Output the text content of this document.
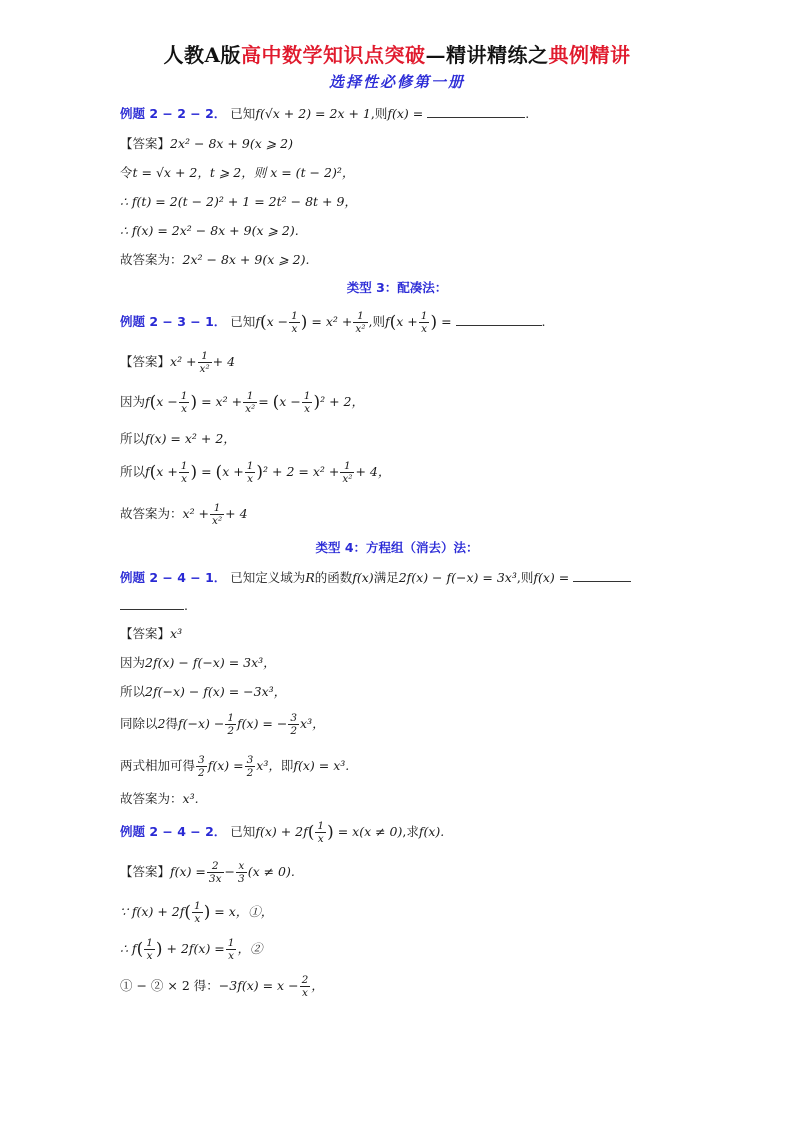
人教A版高中数学知识点突破—精讲精练之典例精讲
选择性必修第一册
例题 2 − 2 − 2． 已知f(√x + 2) = 2x + 1,则f(x) =	.
【答案】2x² − 8x + 9(x ⩾ 2)
令t = √x + 2，t ⩾ 2，则 x = (t − 2)²，
∴ f(t) = 2(t − 2)² + 1 = 2t² − 8t + 9，
∴ f(x) = 2x² − 8x + 9(x ⩾ 2).
故答案为：2x² − 8x + 9(x ⩾ 2).
类型 3：配凑法：
例题 2 − 3 − 1． 已知$f(x - \frac{1}{x}$ ) = $x^2 + \frac{1}{\text{x²}}$ ,则$f(x + \frac{1}{x}$ ) =	.
【答案】$x^2 + \frac{1}{\text{x²}} + 4$
因为$f(x - \frac{1}{x}$ ) = $x^2 + \frac{1}{\text{x²}} = (x - \frac{1}{x} )^2 + 2$，
所以f(x) = x² + 2，
所以$f(x + \frac{1}{x}$ ) = $(x + \frac{1}{x} )^2 + 2 = x^2 + \frac{1}{\text{x²}} + 4$，
故答案为：$x^2 + \frac{1}{\text{x²}} + 4$
类型 4：方程组（消去）法：
例题 2 − 4 − 1． 已知定义域为R的函数f(x)满足2f(x) − f(−x) = 3x³,则f(x) =
.
【答案】x³
因为2f(x) − f(−x) = 3x³，
所以2f(−x) − f(x) = −3x³，
同除以2得$f(-x) - \frac{1}{2} f(x)$ = − $\frac{3}{2} x^3$，
两式相加可得 $\frac{3}{2} f(x) = \frac{3}{2} x^3$，即f(x) = x³.
故答案为：x³.
例题 2 − 4 − 2． 已知$f(x) + 2f( \frac{1}{x}$ ) = x(x ≠ 0),求f(x).
【答案】$f(x) = \frac{2}{3x} - \frac{x}{3} (x \ne 0)$.
∵ $f(x) + 2f( \frac{1}{x}$ ) = x，①，
∴ $f( \frac{1}{x}$ ) + $2f(x) = \frac{1}{x}$ ，②
① − ② × 2 得：$-3f(x) = x - \frac{2}{x}$ ，
